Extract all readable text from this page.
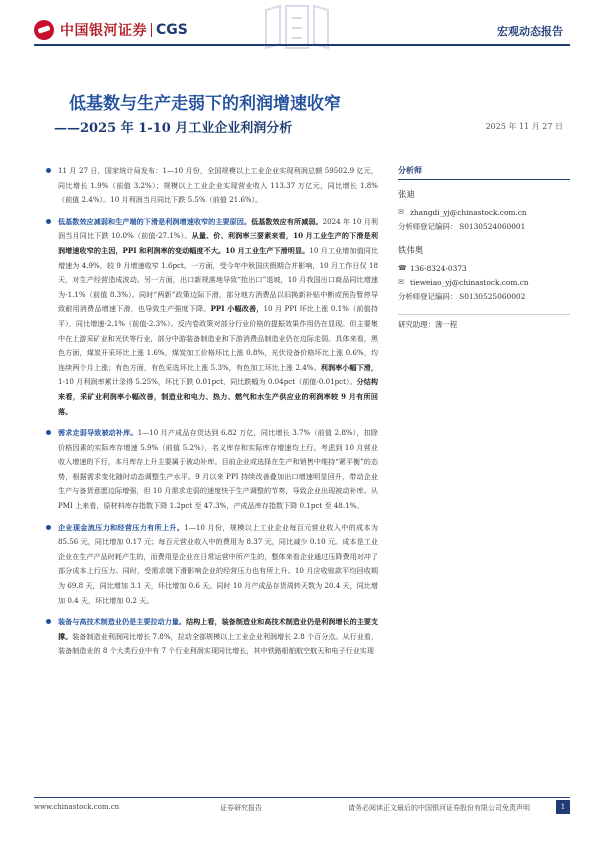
中国银河证券 CGS	宏观动态报告
低基数与生产走弱下的利润增速收窄
——2025 年 1-10 月工业企业利润分析	2025 年 11 月 27 日

11 月 27 日，国家统计局发布：1—10 月份，全国规模以上工业企业实现利润总额 59502.9 亿元，同比增长 1.9%（前值 3.2%）；规模以上工业企业实现营业收入 113.37 万亿元，同比增长 1.8%（前值 2.4%）。10 月利润当月同比下跌 5.5%（前值 21.6%）。

低基数效应减弱和生产端的下滑是利润增速收窄的主要原因。低基数效应有所减弱。2024 年 10 月利润当月同比下跌 10.0%（前值-27.1%）。从量、价、利润率三要素来看，10 月工业生产的下滑是利润增速收窄的主因，PPI 和利润率的变动幅度不大。10 月工业生产下滑明显。10 月工业增加值同比增速为 4.9%，较 9 月增速收窄 1.6pct。一方面，受今年中秋国庆假期合并影响，10 月工作日仅 18 天，对生产经营造成波动。另一方面，出口新规落地导致“抢出口”退坡，10 月我国出口商品同比增速为-1.1%（前值 8.3%）。同时“两新”政策边际下滑，部分地方消费品以旧换新补贴中断或预告暂停导致耐用消费品增速下滑，也导致生产强度下降。PPI 小幅改善，10 月 PPI 环比上涨 0.1%（前值持平），同比增速-2.1%（前值-2.3%）。反内卷政策对部分行业价格的提振效果作用仍在显现。但主要集中在上游采矿业和光伏等行业，部分中游装备制造业和下游消费品制造业仍在边际走弱。具体来看，黑色方面，煤炭开采环比上涨 1.6%，煤炭加工价格环比上涨 0.8%，光伏设备价格环比上涨 0.6%，均连续两个月上涨；有色方面，有色采选环比上涨 5.3%，有色加工环比上涨 2.4%。利润率小幅下滑，1-10 月利润率累计录得 5.25%，环比下跌 0.01pct，同比跌幅为 0.04pct（前值-0.01pct）。分结构来看，采矿业利润率小幅改善，制造业和电力、热力、燃气和水生产供应业的利润率较 9 月有所回落。

需求走弱导致被动补库。1—10 月产成品存货达到 6.82 万亿，同比增长 3.7%（前值 2.8%），扣除价格因素的实际库存增速 5.9%（前值 5.2%），名义库存和实际库存增速均上行。考虑到 10 月营业收入增速的下行，本月库存上升主要属于被动补库。目前企业或选择在生产和销售中维持“紧平衡”的态势，根据需求变化随时动态调整生产水平。9 月以来 PPI 持续改善叠加出口增速明显回升，带动企业生产与备货意愿边际增强，但 10 月需求走弱的速度快于生产调整的节奏，导致企业出现被动补库。从 PMI 上来看，原材料库存指数下降 1.2pct 至 47.3%，产成品库存指数下降 0.1pct 至 48.1%。

企业现金流压力和经营压力有所上升。1—10 月份，规模以上工业企业每百元营业收入中的成本为 85.56 元，同比增加 0.17 元；每百元营业收入中的费用为 8.37 元，同比减少 0.10 元。成本是工业企业在生产产品时耗产生的，而费用是企业在日常运营中所产生的，整体来看企业通过压降费用对冲了部分成本上行压力。同时，受需求端下滑影响企业的经营压力也有所上升。10 月应收账款平均回收期为 69.8 天，同比增加 3.1 天，环比增加 0.6 天。同时 10 月产成品存货周转天数为 20.4 天，同比增加 0.4 天，环比增加 0.2 天。

装备与高技术制造业仍是主要拉动力量。结构上看，装备制造业和高技术制造业仍是利润增长的主要支撑。装备制造业利润同比增长 7.8%，拉动全部规模以上工业企业利润增长 2.8 个百分点。从行业看，装备制造业的 8 个大类行业中有 7 个行业利润实现同比增长，其中铁路船舶航空航天和电子行业实现

分析师
张迪
✉ zhangdi_yj@chinastock.com.cn
分析师登记编码： S0130524060001
铁伟奥
☎ 136-8324-0373
✉ tieweiao_yj@chinastock.com.cn
分析师登记编码： S0130525060002
研究助理：薄一程
www.chinastock.com.cn	证券研究报告	请务必阅读正文最后的中国银河证券股份有限公司免责声明	1
